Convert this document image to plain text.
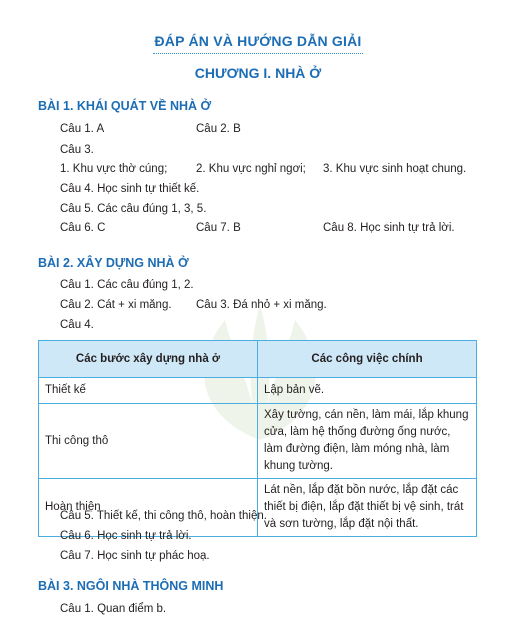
ĐÁP ÁN VÀ HƯỚNG DẪN GIẢI
CHƯƠNG I. NHÀ Ở
BÀI 1. KHÁI QUÁT VỀ NHÀ Ở
Câu 1. A	Câu 2. B
Câu 3.
1. Khu vực thờ cúng; 2. Khu vực nghỉ ngơi; 3. Khu vực sinh hoạt chung.
Câu 4. Học sinh tự thiết kế.
Câu 5. Các câu đúng 1, 3, 5.
Câu 6. C	Câu 7. B	Câu 8. Học sinh tự trả lời.
BÀI 2. XÂY DỰNG NHÀ Ở
Câu 1. Các câu đúng 1, 2.
Câu 2. Cát + xi măng. Câu 3. Đá nhỏ + xi măng.
Câu 4.
Các bước xây dựng nhà ở	Các công việc chính
Thiết kế	Lập bản vẽ.
Thi công thô	Xây tường, cán nền, làm mái, lắp khung cửa, làm hệ thống đường ống nước, làm đường điện, làm móng nhà, làm khung tường.
Hoàn thiện	Lát nền, lắp đặt bồn nước, lắp đặt các thiết bị điện, lắp đặt thiết bị vệ sinh, trát và sơn tường, lắp đặt nội thất.
Câu 5. Thiết kế, thi công thô, hoàn thiện.
Câu 6. Học sinh tự trả lời.
Câu 7. Học sinh tự phác hoạ.
BÀI 3. NGÔI NHÀ THÔNG MINH
Câu 1. Quan điểm b.
